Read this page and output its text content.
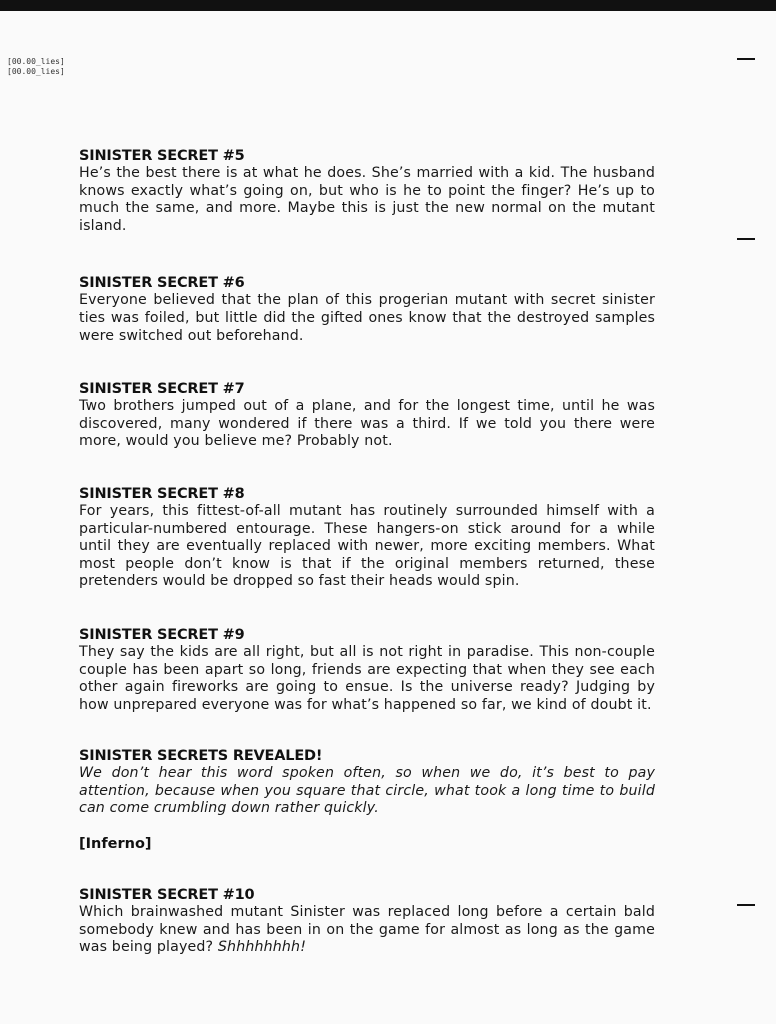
[00.00_lies]
[00.00_lies]
SINISTER SECRET #5
He’s the best there is at what he does. She’s married with a kid. The husband knows exactly what’s going on, but who is he to point the finger? He’s up to much the same, and more. Maybe this is just the new normal on the mutant island.
SINISTER SECRET #6
Everyone believed that the plan of this progerian mutant with secret sinister ties was foiled, but little did the gifted ones know that the destroyed samples were switched out beforehand.
SINISTER SECRET #7
Two brothers jumped out of a plane, and for the longest time, until he was discovered, many wondered if there was a third. If we told you there were more, would you believe me? Probably not.
SINISTER SECRET #8
For years, this fittest-of-all mutant has routinely surrounded himself with a particular-numbered entourage. These hangers-on stick around for a while until they are eventually replaced with newer, more exciting members. What most people don’t know is that if the original members returned, these pretenders would be dropped so fast their heads would spin.
SINISTER SECRET #9
They say the kids are all right, but all is not right in paradise. This non-couple couple has been apart so long, friends are expecting that when they see each other again fireworks are going to ensue. Is the universe ready? Judging by how unprepared everyone was for what’s happened so far, we kind of doubt it.
SINISTER SECRETS REVEALED!
We don’t hear this word spoken often, so when we do, it’s best to pay attention, because when you square that circle, what took a long time to build can come crumbling down rather quickly.
[Inferno]
SINISTER SECRET #10
Which brainwashed mutant Sinister was replaced long before a certain bald somebody knew and has been in on the game for almost as long as the game was being played? Shhhhhhhh!
